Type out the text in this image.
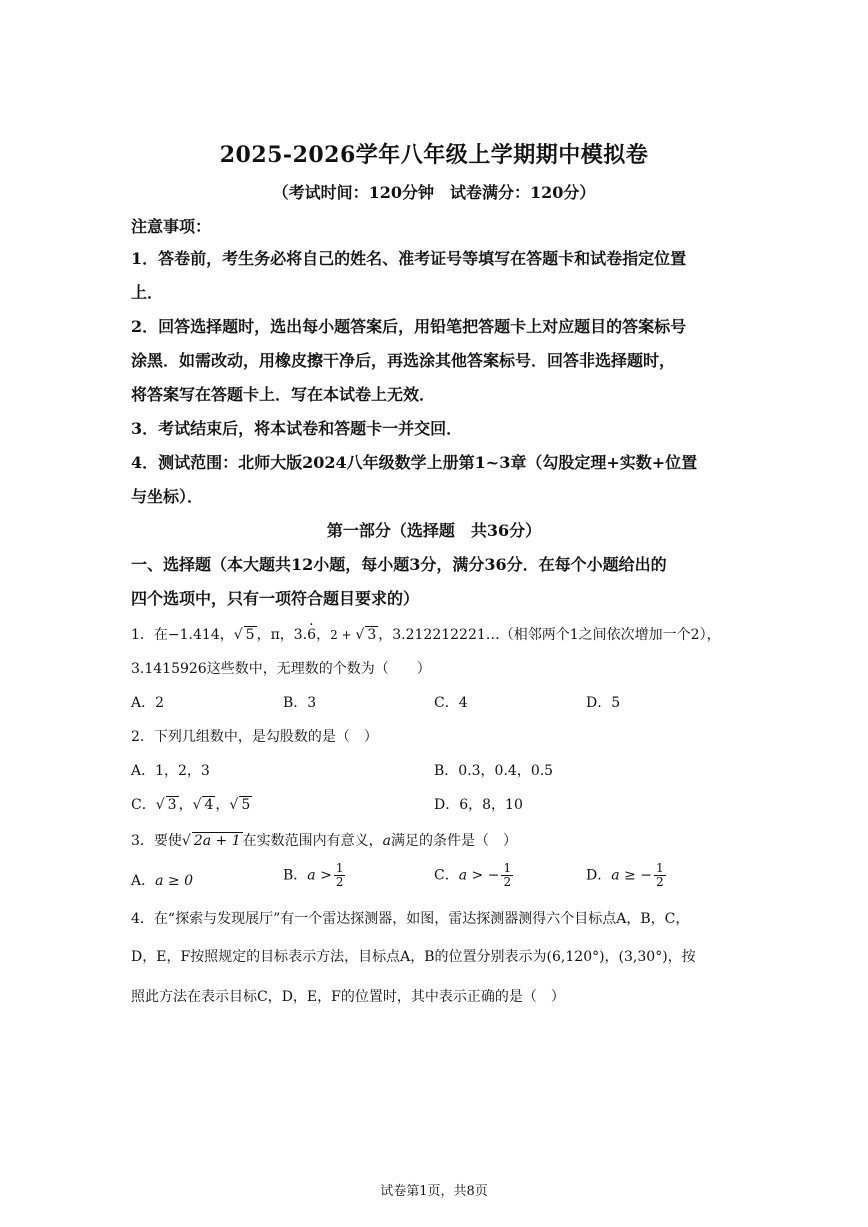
2025-2026学年八年级上学期期中模拟卷
（考试时间：120分钟　试卷满分：120分）
注意事项：
1．答卷前，考生务必将自己的姓名、准考证号等填写在答题卡和试卷指定位置
上．
2．回答选择题时，选出每小题答案后，用铅笔把答题卡上对应题目的答案标号
涂黑．如需改动，用橡皮擦干净后，再选涂其他答案标号．回答非选择题时，
将答案写在答题卡上．写在本试卷上无效．
3．考试结束后，将本试卷和答题卡一并交回．
4．测试范围：北师大版2024八年级数学上册第1~3章（勾股定理+实数+位置
与坐标）．
第一部分（选择题　共36分）
一、选择题（本大题共12小题，每小题3分，满分36分．在每个小题给出的
四个选项中，只有一项符合题目要求的）
1．在−1.414，√ 5 ，π，3.· 6，2 + √ 3 ，3.212212221…（相邻两个1之间依次增加一个2），
3.1415926这些数中，无理数的个数为（　　）
A．2	B．3	C．4	D．5
2．下列几组数中，是勾股数的是（　）
A．1，2，3	B．0.3，0.4，0.5
C．√ 3 ，√ 4 ，√ 5	D．6，8，10
3．要使√ 2a + 1 在实数范围内有意义，a满足的条件是（　）
A．a ≥ 0	B．$a > \frac{1}{2}$	C．a > − $\frac{1}{2}$	D．a ≥ − $\frac{1}{2}$
4．在“探索与发现展厅”有一个雷达探测器，如图，雷达探测器测得六个目标点A，B，C，
D，E，F按照规定的目标表示方法，目标点A，B的位置分别表示为(6,120°)，(3,30°)，按
照此方法在表示目标C，D，E，F的位置时，其中表示正确的是（　）
试卷第1页，共8页
